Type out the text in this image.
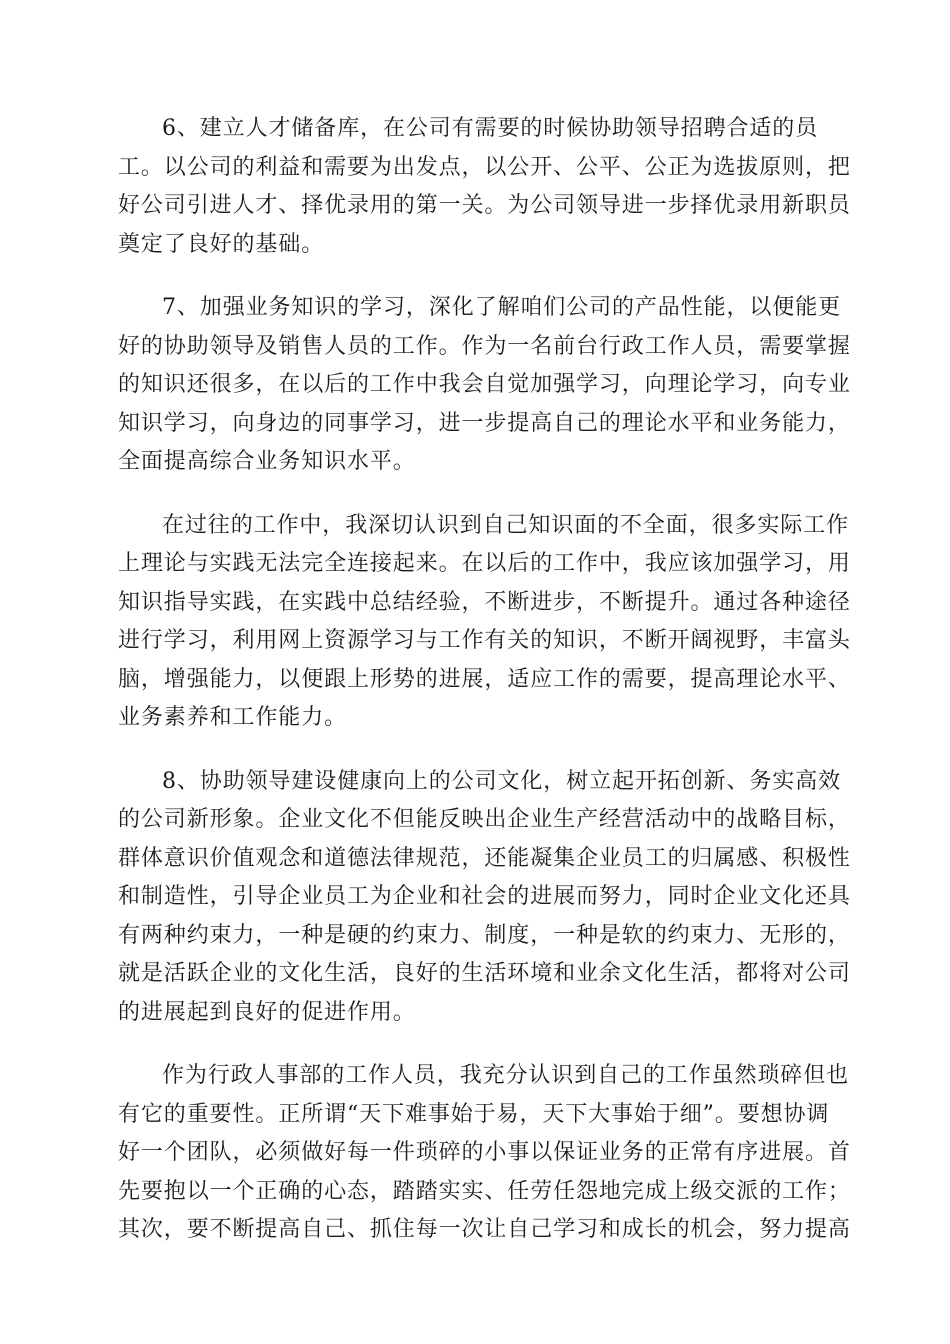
6、建立人才储备库，在公司有需要的时候协助领导招聘合适的员
工。以公司的利益和需要为出发点，以公开、公平、公正为选拔原则，把
好公司引进人才、择优录用的第一关。为公司领导进一步择优录用新职员
奠定了良好的基础。

7、加强业务知识的学习，深化了解咱们公司的产品性能，以便能更
好的协助领导及销售人员的工作。作为一名前台行政工作人员，需要掌握
的知识还很多，在以后的工作中我会自觉加强学习，向理论学习，向专业
知识学习，向身边的同事学习，进一步提高自己的理论水平和业务能力，
全面提高综合业务知识水平。

在过往的工作中，我深切认识到自己知识面的不全面，很多实际工作
上理论与实践无法完全连接起来。在以后的工作中，我应该加强学习，用
知识指导实践，在实践中总结经验，不断进步，不断提升。通过各种途径
进行学习，利用网上资源学习与工作有关的知识，不断开阔视野，丰富头
脑，增强能力，以便跟上形势的进展，适应工作的需要，提高理论水平、
业务素养和工作能力。

8、协助领导建设健康向上的公司文化，树立起开拓创新、务实高效
的公司新形象。企业文化不但能反映出企业生产经营活动中的战略目标，
群体意识价值观念和道德法律规范，还能凝集企业员工的归属感、积极性
和制造性，引导企业员工为企业和社会的进展而努力，同时企业文化还具
有两种约束力，一种是硬的约束力、制度，一种是软的约束力、无形的，
就是活跃企业的文化生活，良好的生活环境和业余文化生活，都将对公司
的进展起到良好的促进作用。

作为行政人事部的工作人员，我充分认识到自己的工作虽然琐碎但也
有它的重要性。正所谓“天下难事始于易，天下大事始于细”。要想协调
好一个团队，必须做好每一件琐碎的小事以保证业务的正常有序进展。首
先要抱以一个正确的心态，踏踏实实、任劳任怨地完成上级交派的工作；
其次，要不断提高自己、抓住每一次让自己学习和成长的机会，努力提高
